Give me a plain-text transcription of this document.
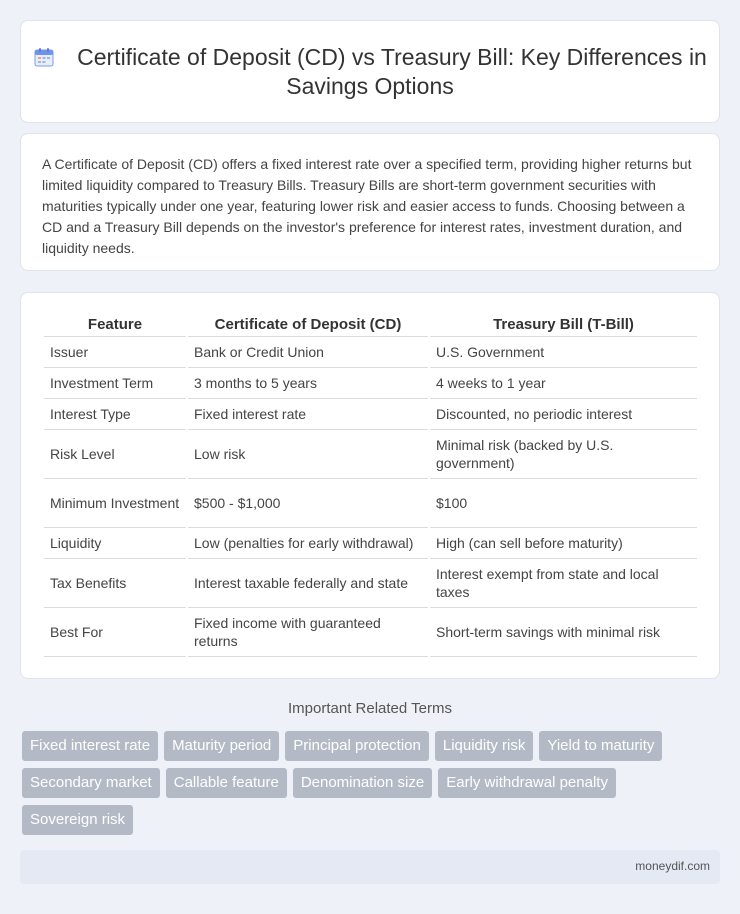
Certificate of Deposit (CD) vs Treasury Bill: Key Differences in Savings Options

A Certificate of Deposit (CD) offers a fixed interest rate over a specified term, providing higher returns but limited liquidity compared to Treasury Bills. Treasury Bills are short-term government securities with maturities typically under one year, featuring lower risk and easier access to funds. Choosing between a CD and a Treasury Bill depends on the investor's preference for interest rates, investment duration, and liquidity needs.

Feature	Certificate of Deposit (CD)	Treasury Bill (T-Bill)
Issuer	Bank or Credit Union	U.S. Government
Investment Term	3 months to 5 years	4 weeks to 1 year
Interest Type	Fixed interest rate	Discounted, no periodic interest
Risk Level	Low risk	Minimal risk (backed by U.S. government)
Minimum Investment	$500 - $1,000	$100
Liquidity	Low (penalties for early withdrawal)	High (can sell before maturity)
Tax Benefits	Interest taxable federally and state	Interest exempt from state and local taxes
Best For	Fixed income with guaranteed returns	Short-term savings with minimal risk
Important Related Terms
Fixed interest rate	Maturity period	Principal protection	Liquidity risk	Yield to maturity
Secondary market	Callable feature	Denomination size	Early withdrawal penalty
Sovereign risk
moneydif.com
